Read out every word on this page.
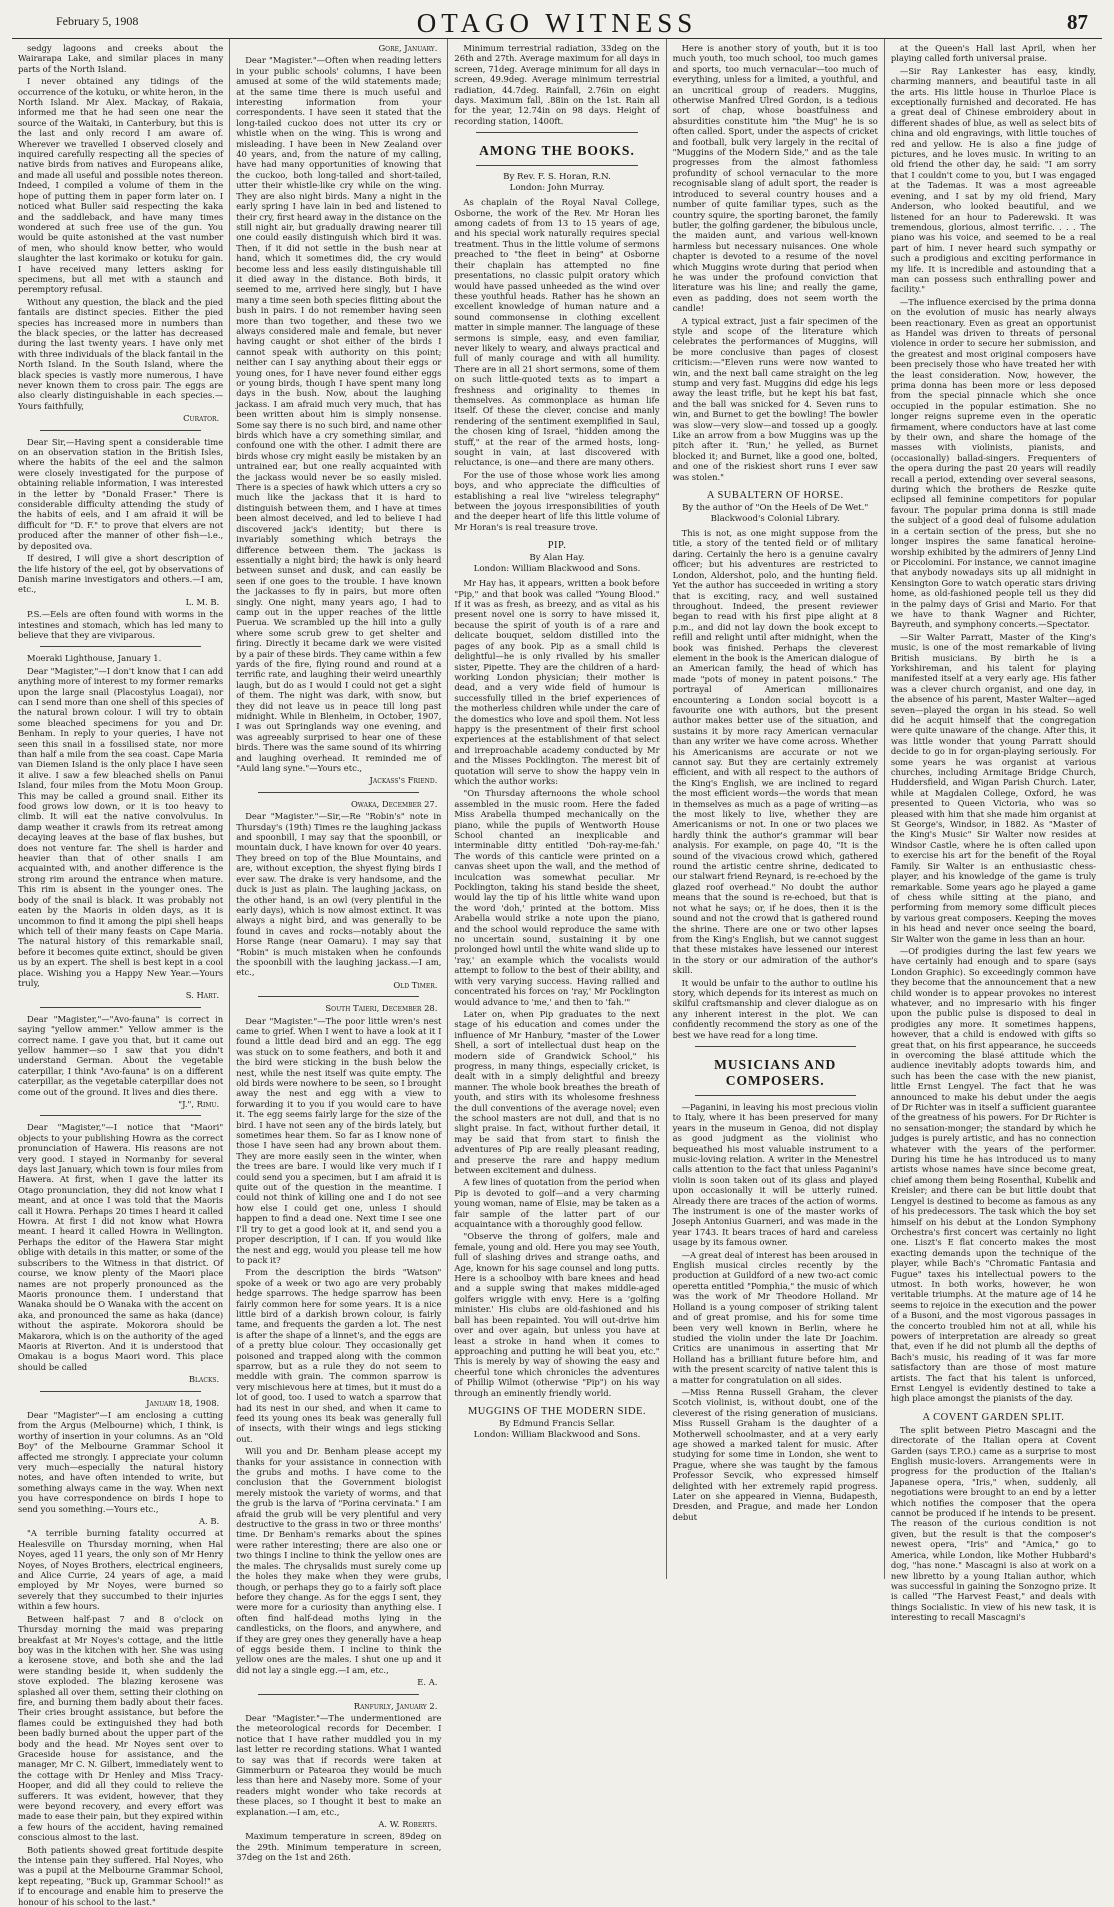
February 5, 1908	OTAGO WITNESS	87

sedgy lagoons and creeks about the Wairarapa Lake, and similar places in many parts of the North Island.

I never obtained any tidings of the occurrence of the kotuku, or white heron, in the North Island. Mr Alex. Mackay, of Rakaia, informed me that he had seen one near the source of the Waitaki, in Canterbury, but this is the last and only record I am aware of. Wherever we travelled I observed closely and inquired carefully respecting all the species of native birds from natives and Europeans alike, and made all useful and possible notes thereon. Indeed, I compiled a volume of them in the hope of putting them in paper form later on. I noticed what Buller said respecting the kaka and the saddleback, and have many times wondered at such free use of the gun. You would be quite astonished at the vast number of men, who should know better, who would slaughter the last korimako or kotuku for gain. I have received many letters asking for specimens, but all met with a staunch and peremptory refusal.

Without any question, the black and the pied fantails are distinct species. Either the pied species has increased more in numbers than the black species, or the latter has decreased during the last twenty years. I have only met with three individuals of the black fantail in the North Island. In the South Island, where the black species is vastly more numerous, I have never known them to cross pair. The eggs are also clearly distinguishable in each species.—Yours faithfully,

Curator.

Dear Sir,—Having spent a considerable time on an observation station in the British Isles, where the habits of the eel and the salmon were closely investigated for the purpose of obtaining reliable information, I was interested in the letter by "Donald Fraser." There is considerable difficulty attending the study of the habits of eels, and I am afraid it will be difficult for "D. F." to prove that elvers are not produced after the manner of other fish—i.e., by deposited ova.

If desired, I will give a short description of the life history of the eel, got by observations of Danish marine investigators and others.—I am, etc.,

L. M. B.

P.S.—Eels are often found with worms in the intestines and stomach, which has led many to believe that they are viviparous.

Moeraki Lighthouse, January 1.

Dear "Magister,"—I don't know that I can add anything more of interest to my former remarks upon the large snail (Placostylus Loagai), nor can I send more than one shell of this species of the natural brown colour. I will try to obtain some bleached specimens for you and Dr. Benham. In reply to your queries, I have not seen this snail in a fossilised state, nor more than half a mile from the sea coast. Cape Maria van Diemen Island is the only place I have seen it alive. I saw a few bleached shells on Panui Island, four miles from the Motu Moon Group. This may be called a ground snail. Either its food grows low down, or it is too heavy to climb. It will eat the native convolvulus. In damp weather it crawls from its retreat among decaying leaves at the base of flax bushes, but does not venture far. The shell is harder and heavier than that of other snails I am acquainted with, and another difference is the strong rim around the entrance when mature. This rim is absent in the younger ones. The body of the snail is black. It was probably not eaten by the Maoris in olden days, as it is uncommon to find it among the pipi shell heaps which tell of their many feasts on Cape Maria. The natural history of this remarkable snail, before it becomes quite extinct, should be given us by an expert. The shell is best kept in a cool place. Wishing you a Happy New Year.—Yours truly,

S. Hart.

Dear "Magister,"—"Avo-fauna" is correct in saying "yellow ammer." Yellow ammer is the correct name. I gave you that, but it came out yellow hammer—so I saw that you didn't understand German. About the vegetable caterpillar, I think "Avo-fauna" is on a different caterpillar, as the vegetable caterpillar does not come out of the ground. It lives and dies there.

"J.", Rimu.

Dear "Magister,"—I notice that "Maori" objects to your publishing Howra as the correct pronunciation of Hawera. His reasons are not very good. I stayed in Normanby for several days last January, which town is four miles from Hawera. At first, when I gave the latter its Otago pronunciation, they did not know what I meant, and at once I was told that the Maoris call it Howra. Perhaps 20 times I heard it called Howra. At first I did not know what Howra meant. I heard it called Howra in Wellington. Perhaps the editor of the Hawera Star might oblige with details in this matter, or some of the subscribers to the Witness in that district. Of course, we know plenty of the Maori place names are not properly pronounced as the Maoris pronounce them. I understand that Wanaka should be O Wanaka with the accent on aka, and pronounced the same as haka (dance) without the aspirate. Mokorora should be Makarora, which is on the authority of the aged Maoris at Riverton. And it is understood that Omakau is a bogus Maori word. This place should be called

Blacks.

January 18, 1908.

Dear "Magister"—I am enclosing a cutting from the Argus (Melbourne) which, I think, is worthy of insertion in your columns. As an "Old Boy" of the Melbourne Grammar School it affected me strongly. I appreciate your column very much—especially the natural history notes, and have often intended to write, but something always came in the way. When next you have correspondence on birds I hope to send you something.—Yours etc.,

A. B.

"A terrible burning fatality occurred at Healesville on Thursday morning, when Hal Noyes, aged 11 years, the only son of Mr Henry Noyes, of Noyes Brothers, electrical engineers, and Alice Currie, 24 years of age, a maid employed by Mr Noyes, were burned so severely that they succumbed to their injuries within a few hours.

Between half-past 7 and 8 o'clock on Thursday morning the maid was preparing breakfast at Mr Noyes's cottage, and the little boy was in the kitchen with her. She was using a kerosene stove, and both she and the lad were standing beside it, when suddenly the stove exploded. The blazing kerosene was splashed all over them, setting their clothing on fire, and burning them badly about their faces. Their cries brought assistance, but before the flames could be extinguished they had both been badly burned about the upper part of the body and the head. Mr Noyes sent over to Graceside house for assistance, and the manager, Mr C. N. Gilbert, immediately went to the cottage with Dr Henley and Miss Tracy-Hooper, and did all they could to relieve the sufferers. It was evident, however, that they were beyond recovery, and every effort was made to ease their pain, but they expired within a few hours of the accident, having remained conscious almost to the last.

Both patients showed great fortitude despite the intense pain they suffered. Hal Noyes, who was a pupil at the Melbourne Grammar School, kept repeating, "Buck up, Grammar School!" as if to encourage and enable him to preserve the honour of his school to the last."

Gore, January.

Dear "Magister."—Often when reading letters in your public schools' columns, I have been amused at some of the wild statements made; at the same time there is much useful and interesting information from your correspondents. I have seen it stated that the long-tailed cuckoo does not utter its cry or whistle when on the wing. This is wrong and misleading. I have been in New Zealand over 40 years, and, from the nature of my calling, have had many opportunities of knowing that the cuckoo, both long-tailed and short-tailed, utter their whistle-like cry while on the wing. They are also night birds. Many a night in the early spring I have lain in bed and listened to their cry, first heard away in the distance on the still night air, but gradually drawing nearer till one could easily distinguish which bird it was. Then, if it did not settle in the bush near at hand, which it sometimes did, the cry would become less and less easily distinguishable till it died away in the distance. Both birds, it seemed to me, arrived here singly, but I have many a time seen both species flitting about the bush in pairs. I do not remember having seen more than two together, and these two we always considered male and female, but never having caught or shot either of the birds I cannot speak with authority on this point; neither can I say anything about their eggs or young ones, for I have never found either eggs or young birds, though I have spent many long days in the bush. Now, about the laughing jackass. I am afraid much very much, that has been written about him is simply nonsense. Some say there is no such bird, and name other birds which have a cry something similar, and confound one with the other. I admit there are birds whose cry might easily be mistaken by an untrained ear, but one really acquainted with the jackass would never be so easily misled. There is a species of hawk which utters a cry so much like the jackass that it is hard to distinguish between them, and I have at times been almost deceived, and led to believe I had discovered jack's identity; but there is invariably something which betrays the difference between them. The jackass is essentially a night bird; the hawk is only heard between sunset and dusk, and can easily be seen if one goes to the trouble. I have known the jackasses to fly in pairs, but more often singly. One night, many years ago, I had to camp out in the upper reaches of the little Puerua. We scrambled up the hill into a gully where some scrub grew to get shelter and firing. Directly it became dark we were visited by a pair of these birds. They came within a few yards of the fire, flying round and round at a terrific rate, and laughing their weird unearthly laugh, but do as I would I could not get a sight of them. The night was dark, with snow, but they did not leave us in peace till long past midnight. While in Blenheim, in October, 1907, I was out Springlands way one evening, and was agreeably surprised to hear one of these birds. There was the same sound of its whirring and laughing overhead. It reminded me of "Auld lang syne."—Yours etc.,

Jackass's Friend.

Owaka, December 27.

Dear "Magister."—Sir,—Re "Robin's" note in Thursday's (19th) Times re the laughing jackass and spoonbill, I may say that the spoonbill, or mountain duck, I have known for over 40 years. They breed on top of the Blue Mountains, and are, without exception, the shyest flying birds I ever saw. The drake is very handsome, and the duck is just as plain. The laughing jackass, on the other hand, is an owl (very plentiful in the early days), which is now almost extinct. It was always a night bird, and was generally to be found in caves and rocks—notably about the Horse Range (near Oamaru). I may say that "Robin" is much mistaken when he confounds the spoonbill with the laughing jackass.—I am, etc.,

Old Timer.

South Taieri, December 28.

Dear "Magister."—The poor little wren's nest came to grief. When I went to have a look at it I found a little dead bird and an egg. The egg was stuck on to some feathers, and both it and the bird were sticking in the bush below the nest, while the nest itself was quite empty. The old birds were nowhere to be seen, so I brought away the nest and egg with a view to forwarding it to you if you would care to have it. The egg seems fairly large for the size of the bird. I have not seen any of the birds lately, but sometimes hear them. So far as I know none of those I have seen had any brown about them. They are more easily seen in the winter, when the trees are bare. I would like very much if I could send you a specimen, but I am afraid it is quite out of the question in the meantime. I could not think of killing one and I do not see how else I could get one, unless I should happen to find a dead one. Next time I see one I'll try to get a good look at it, and send you a proper description, if I can. If you would like the nest and egg, would you please tell me how to pack it?

From the description the birds "Watson" spoke of a week or two ago are very probably hedge sparrows. The hedge sparrow has been fairly common here for some years. It is a nice little bird of a darkish brown colour, is fairly tame, and frequents the garden a lot. The nest is after the shape of a linnet's, and the eggs are of a pretty blue colour. They occasionally get poisoned and trapped along with the common sparrow, but as a rule they do not seem to meddle with grain. The common sparrow is very mischievous here at times, but it must do a lot of good, too. I used to watch a sparrow that had its nest in our shed, and when it came to feed its young ones its beak was generally full of insects, with their wings and legs sticking out.

Will you and Dr. Benham please accept my thanks for your assistance in connection with the grubs and moths. I have come to the conclusion that the Government biologist merely mistook the variety of worms, and that the grub is the larva of "Porina cervinata." I am afraid the grub will be very plentiful and very destructive to the grass in two or three months' time. Dr Benham's remarks about the spines were rather interesting; there are also one or two things I incline to think the yellow ones are the males. The chrysalids must surely come up the holes they make when they were grubs, though, or perhaps they go to a fairly soft place before they change. As for the eggs I sent, they were more for a curiosity than anything else. I often find half-dead moths lying in the candlesticks, on the floors, and anywhere, and if they are grey ones they generally have a heap of eggs beside them. I incline to think the yellow ones are the males. I shut one up and it did not lay a single egg.—I am, etc.,

E. A.

Ranfurly, January 2.

Dear "Magister."—The undermentioned are the meteorological records for December. I notice that I have rather muddled you in my last letter re recording stations. What I wanted to say was that if records were taken at Gimmerburn or Patearoa they would be much less than here and Naseby more. Some of your readers might wonder who take records at these places, so I thought it best to make an explanation.—I am, etc.,

A. W. Roberts.

Maximum temperature in screen, 89deg on the 29th. Minimum temperature in screen, 37deg on the 1st and 26th.

Minimum terrestrial radiation, 33deg on the 26th and 27th. Average maximum for all days in screen, 71deg. Average minimum for all days in screen, 49.9deg. Average minimum terrestrial radiation, 44.7deg. Rainfall, 2.76in on eight days. Maximum fall, .88in on the 1st. Rain all for the year, 12.74in on 98 days. Height of recording station, 1400ft.

AMONG THE BOOKS.
By Rev. F. S. Horan, R.N.
London: John Murray.

As chaplain of the Royal Naval College, Osborne, the work of the Rev. Mr Horan lies among cadets of from 13 to 15 years of age, and his special work naturally requires special treatment. Thus in the little volume of sermons preached to "the fleet in being" at Osborne their chaplain has attempted no fine presentations, no classic pulpit oratory which would have passed unheeded as the wind over these youthful heads. Rather has he shown an excellent knowledge of human nature and a sound commonsense in clothing excellent matter in simple manner. The language of these sermons is simple, easy, and even familiar, never likely to weary, and always practical and full of manly courage and with all humility. There are in all 21 short sermons, some of them on such little-quoted texts as to impart a freshness and originality to themes in themselves. As commonplace as human life itself. Of these the clever, concise and manly rendering of the sentiment exemplified in Saul, the chosen king of Israel, "hidden among the stuff," at the rear of the armed hosts, long-sought in vain, at last discovered with reluctance, is one—and there are many others.

For the use of those whose work lies among boys, and who appreciate the difficulties of establishing a real live "wireless telegraphy" between the joyous irresponsibilities of youth and the deeper heart of life this little volume of Mr Horan's is real treasure trove.

PIP.
By Alan Hay.
London: William Blackwood and Sons.

Mr Hay has, it appears, written a book before "Pip," and that book was called "Young Blood." If it was as fresh, as breezy, and as vital as his present novel one is sorry to have missed it, because the spirit of youth is of a rare and delicate bouquet, seldom distilled into the pages of any book. Pip as a small child is delightful—he is only rivalled by his smaller sister, Pipette. They are the children of a hard-working London physician; their mother is dead, and a very wide field of humour is successfully tilled in the brief experiences of the motherless children while under the care of the domestics who love and spoil them. Not less happy is the presentment of their first school experiences at the establishment of that select and irreproachable academy conducted by Mr and the Misses Pocklington. The merest bit of quotation will serve to show the happy vein in which the author works:

"On Thursday afternoons the whole school assembled in the music room. Here the faded Miss Arabella thumped mechanically on the piano, while the pupils of Wentworth House School chanted an inexplicable and interminable ditty entitled 'Doh-ray-me-fah.' The words of this canticle were printed on a canvas sheet upon the wall, and the method of inculcation was somewhat peculiar. Mr Pocklington, taking his stand beside the sheet, would lay the tip of his little white wand upon the word 'doh,' printed at the bottom. Miss Arabella would strike a note upon the piano, and the school would reproduce the same with no uncertain sound, sustaining it by one prolonged howl until the white wand slide up to 'ray,' an example which the vocalists would attempt to follow to the best of their ability, and with very varying success. Having rallied and concentrated his forces on 'ray,' Mr Pocklington would advance to 'me,' and then to 'fah.'"

Later on, when Pip graduates to the next stage of his education and comes under the influence of Mr Hanbury, "master of the Lower Shell, a sort of intellectual dust heap on the modern side of Grandwick School," his progress, in many things, especially cricket, is dealt with in a simply delightful and breezy manner. The whole book breathes the breath of youth, and stirs with its wholesome freshness the dull conventions of the average novel; even the school masters are not dull, and that is no slight praise. In fact, without further detail, it may be said that from start to finish the adventures of Pip are really pleasant reading, and preserve the rare and happy medium between excitement and dulness.

A few lines of quotation from the period when Pip is devoted to golf—and a very charming young woman, name of Elsie, may be taken as a fair sample of the latter part of our acquaintance with a thoroughly good fellow.

"Observe the throng of golfers, male and female, young and old. Here you may see Youth, full of slashing drives and strange oaths, and Age, known for his sage counsel and long putts. Here is a schoolboy with bare knees and head and a supple swing that makes middle-aged golfers wriggle with envy. Here is a 'golfing minister.' His clubs are old-fashioned and his ball has been repainted. You will out-drive him over and over again, but unless you have at least a stroke in hand when it comes to approaching and putting he will beat you, etc." This is merely by way of showing the easy and cheerful tone which chronicles the adventures of Phillip Wilmot (otherwise "Pip") on his way through an eminently friendly world.

MUGGINS OF THE MODERN SIDE.
By Edmund Francis Sellar.
London: William Blackwood and Sons.

Here is another story of youth, but it is too much youth, too much school, too much games and sports, too much vernacular—too much of everything, unless for a limited, a youthful, and an uncritical group of readers. Muggins, otherwise Manfred Ulred Gordon, is a tedious sort of chap, whose boastfulness and absurdities constitute him "the Mug" he is so often called. Sport, under the aspects of cricket and football, bulk very largely in the recital of "Muggins of the Modern Side," and as the tale progresses from the almost fathomless profundity of school vernacular to the more recognisable slang of adult sport, the reader is introduced to several country houses and a number of quite familiar types, such as the country squire, the sporting baronet, the family butler, the golfing gardener, the bibulous uncle, the maiden aunt, and various well-known harmless but necessary nuisances. One whole chapter is devoted to a resume of the novel which Muggins wrote during that period when he was under the profound conviction that literature was his line; and really the game, even as padding, does not seem worth the candle!

A typical extract, just a fair specimen of the style and scope of the literature which celebrates the performances of Muggins, will be more conclusive than pages of closest criticism:—"Eleven runs were now wanted to win, and the next ball came straight on the leg stump and very fast. Muggins did edge his legs away the least trifle, but he kept his bat fast, and the ball was snicked for 4. Seven runs to win, and Burnet to get the bowling! The bowler was slow—very slow—and tossed up a googly. Like an arrow from a bow Muggins was up the pitch after it. 'Run,' he yelled, as Burnet blocked it; and Burnet, like a good one, bolted, and one of the riskiest short runs I ever saw was stolen."

A SUBALTERN OF HORSE.
By the author of "On the Heels of De Wet."
Blackwood's Colonial Library.

This is not, as one might suppose from the title, a story of the tented field or of military daring. Certainly the hero is a genuine cavalry officer; but his adventures are restricted to London, Aldershot, polo, and the hunting field. Yet the author has succeeded in writing a story that is exciting, racy, and well sustained throughout. Indeed, the present reviewer began to read with his first pipe alight at 8 p.m., and did not lay down the book except to refill and relight until after midnight, when the book was finished. Perhaps the cleverest element in the book is the American dialogue of an American family, the head of which has made "pots of money in patent poisons." The portrayal of American millionaires encountering a London social boycott is a favourite one with authors, but the present author makes better use of the situation, and sustains it by more racy American vernacular than any writer we have come across. Whether his Americanisms are accurate or not we cannot say. But they are certainly extremely efficient, and with all respect to the authors of the King's English, we are inclined to regard the most efficient words—the words that mean in themselves as much as a page of writing—as the most likely to live, whether they are Americanisms or not. In one or two places we hardly think the author's grammar will bear analysis. For example, on page 40, "It is the sound of the vivacious crowd which, gathered round the artistic centre shrine, dedicated to our stalwart friend Reynard, is re-echoed by the glazed roof overhead." No doubt the author means that the sound is re-echoed, but that is not what he says; or, if he does, then it is the sound and not the crowd that is gathered round the shrine. There are one or two other lapses from the King's English, but we cannot suggest that these mistakes have lessened our interest in the story or our admiration of the author's skill.

It would be unfair to the author to outline his story, which depends for its interest as much on skilful craftsmanship and clever dialogue as on any inherent interest in the plot. We can confidently recommend the story as one of the best we have read for a long time.

MUSICIANS AND COMPOSERS.

—Paganini, in leaving his most precious violin to Italy, where it has been preserved for many years in the museum in Genoa, did not display as good judgment as the violinist who bequeathed his most valuable instrument to a music-loving relation. A writer in the Menestrel calls attention to the fact that unless Paganini's violin is soon taken out of its glass and played upon occasionally it will be utterly ruined. Already there are traces of the action of worms. The instrument is one of the master works of Joseph Antonius Guarneri, and was made in the year 1743. It bears traces of hard and careless usage by its famous owner.

—A great deal of interest has been aroused in English musical circles recently by the production at Guildford of a new two-act comic operetta entitled "Pomphia," the music of which was the work of Mr Theodore Holland. Mr Holland is a young composer of striking talent and of great promise, and his for some time been very well known in Berlin, where he studied the violin under the late Dr Joachim. Critics are unanimous in asserting that Mr Holland has a brilliant future before him, and with the present scarcity of native talent this is a matter for congratulation on all sides.

—Miss Renna Russell Graham, the clever Scotch violinist, is, without doubt, one of the cleverest of the rising generation of musicians. Miss Russell Graham is the daughter of a Motherwell schoolmaster, and at a very early age showed a marked talent for music. After studying for some time in London, she went to Prague, where she was taught by the famous Professor Sevcik, who expressed himself delighted with her extremely rapid progress. Later on she appeared in Vienna, Budapesth, Dresden, and Prague, and made her London debut

at the Queen's Hall last April, when her playing called forth universal praise.

—Sir Ray Lankester has easy, kindly, charming manners, and beautiful taste in all the arts. His little house in Thurloe Place is exceptionally furnished and decorated. He has a great deal of Chinese embroidery about in different shades of blue, as well as select bits of china and old engravings, with little touches of red and yellow. He is also a fine judge of pictures, and he loves music. In writing to an old friend the other day, he said: "I am sorry that I couldn't come to you, but I was engaged at the Tademas. It was a most agreeable evening, and I sat by my old friend, Mary Anderson, who looked beautiful, and we listened for an hour to Paderewski. It was tremendous, glorious, almost terrific. . . . The piano was his voice, and seemed to be a real part of him. I never heard such sympathy or such a prodigious and exciting performance in my life. It is incredible and astounding that a man can possess such enthralling power and facility."

—The influence exercised by the prima donna on the evolution of music has nearly always been reactionary. Even as great an opportunist as Handel was driven to threats of personal violence in order to secure her submission, and the greatest and most original composers have been precisely those who have treated her with the least consideration. Now, however, the prima donna has been more or less deposed from the special pinnacle which she once occupied in the popular estimation. She no longer reigns supreme even in the operatic firmament, where conductors have at last come by their own, and share the homage of the masses with violinists, pianists, and (occasionally) ballad-singers. Frequenters of the opera during the past 20 years will readily recall a period, extending over several seasons, during which the brothers de Reszke quite eclipsed all feminine competitors for popular favour. The popular prima donna is still made the subject of a good deal of fulsome adulation in a certain section of the press, but she no longer inspires the same fanatical heroine-worship exhibited by the admirers of Jenny Lind or Piccolomini. For instance, we cannot imagine that anybody nowadays sits up all midnight in Kensington Gore to watch operatic stars driving home, as old-fashioned people tell us they did in the palmy days of Grisi and Mario. For that we have to thank Wagner and Richter, Bayreuth, and symphony concerts.—Spectator.

—Sir Walter Parratt, Master of the King's music, is one of the most remarkable of living British musicians. By birth he is a Yorkshireman, and his talent for playing manifested itself at a very early age. His father was a clever church organist, and one day, in the absence of his parent, Master Walter—aged seven—played the organ in his stead. So well did he acquit himself that the congregation were quite unaware of the change. After this, it was little wonder that young Parratt should decide to go in for organ-playing seriously. For some years he was organist at various churches, including Armitage Bridge Church, Huddersfield, and Wigan Parish Church. Later, while at Magdalen College, Oxford, he was presented to Queen Victoria, who was so pleased with him that she made him organist at St George's, Windsor, in 1882. As "Master of the King's Music" Sir Walter now resides at Windsor Castle, where he is often called upon to exercise his art for the benefit of the Royal Family. Sir Walter is an enthusiastic chess-player, and his knowledge of the game is truly remarkable. Some years ago he played a game of chess while sitting at the piano, and performing from memory some difficult pieces by various great composers. Keeping the moves in his head and never once seeing the board, Sir Walter won the game in less than an hour.

—Of prodigies during the last few years we have certainly had enough and to spare (says London Graphic). So exceedingly common have they become that the announcement that a new child wonder is to appear provokes no interest whatever, and no impresario with his finger upon the public pulse is disposed to deal in prodigies any more. It sometimes happens, however, that a child is endowed with gifts so great that, on his first appearance, he succeeds in overcoming the blasé attitude which the audience inevitably adopts towards him, and such has been the case with the new pianist, little Ernst Lengyel. The fact that he was announced to make his debut under the aegis of Dr Richter was in itself a sufficient guarantee of the greatness of his powers. For Dr Richter is no sensation-monger; the standard by which he judges is purely artistic, and has no connection whatever with the years of the performer. During his time he has introduced us to many artists whose names have since become great, chief among them being Rosenthal, Kubelik and Kreisler; and there can be but little doubt that Lengyel is destined to become as famous as any of his predecessors. The task which the boy set himself on his debut at the London Symphony Orchestra's first concert was certainly no light one. Liszt's E flat concerto makes the most exacting demands upon the technique of the player, while Bach's "Chromatic Fantasia and Fugue" taxes his intellectual powers to the utmost. In both works, however, he won veritable triumphs. At the mature age of 14 he seems to rejoice in the execution and the power of a Busoni, and the most vigorous passages in the concerto troubled him not at all, while his powers of interpretation are already so great that, even if he did not plumb all the depths of Bach's music, his reading of it was far more satisfactory than are those of most mature artists. The fact that his talent is unforced, Ernst Lengyel is evidently destined to take a high place amongst the pianists of the day.

A COVENT GARDEN SPLIT.

The split between Pietro Mascagni and the directorate of the Italian opera at Covent Garden (says T.P.O.) came as a surprise to most English music-lovers. Arrangements were in progress for the production of the Italian's Japanese opera, "Iris," when, suddenly, all negotiations were brought to an end by a letter which notifies the composer that the opera cannot be produced if he intends to be present. The reason of the curious condition is not given, but the result is that the composer's newest opera, "Iris" and "Amica," go to America, while London, like Mother Hubbard's dog, "has none." Mascagni is also at work on a new libretto by a young Italian author, which was successful in gaining the Sonzogno prize. It is called "The Harvest Feast," and deals with things Socialistic. In view of his new task, it is interesting to recall Mascagni's
